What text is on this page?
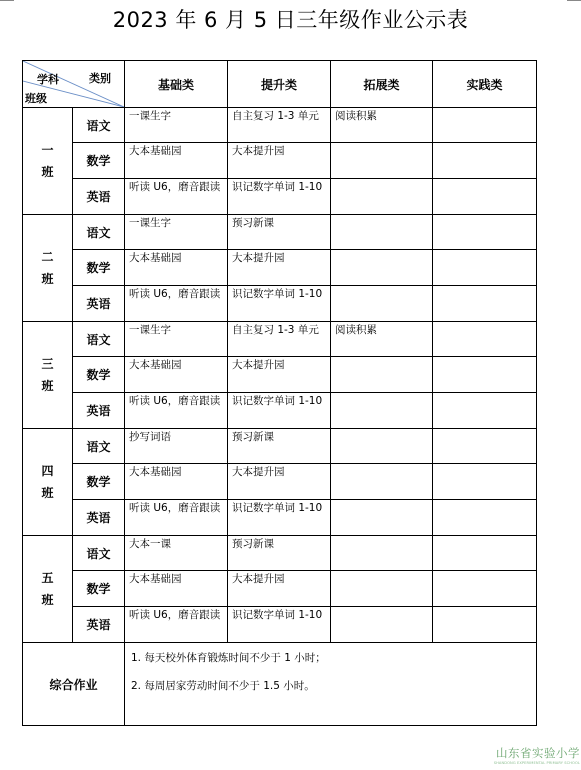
2023 年 6 月 5 日三年级作业公示表
学科 类别
班级		基础类	提升类	拓展类	实践类
一
班	语文	一课生字	自主复习 1-3 单元	阅读积累	
	数学	大本基础园	大本提升园		
	英语	听读 U6，磨音跟读	识记数字单词 1-10		
二
班	语文	一课生字	预习新课		
	数学	大本基础园	大本提升园		
	英语	听读 U6，磨音跟读	识记数字单词 1-10		
三
班	语文	一课生字	自主复习 1-3 单元	阅读积累	
	数学	大本基础园	大本提升园		
	英语	听读 U6，磨音跟读	识记数字单词 1-10		
四
班	语文	抄写词语	预习新课		
	数学	大本基础园	大本提升园		
	英语	听读 U6，磨音跟读	识记数字单词 1-10		
五
班	语文	大本一课	预习新课		
	数学	大本基础园	大本提升园		
	英语	听读 U6，磨音跟读	识记数字单词 1-10		
综合作业		1. 每天校外体育锻炼时间不少于 1 小时；
2. 每周居家劳动时间不少于 1.5 小时。			
山东省实验小学
SHANDONG EXPERIMENTAL PRIMARY SCHOOL
